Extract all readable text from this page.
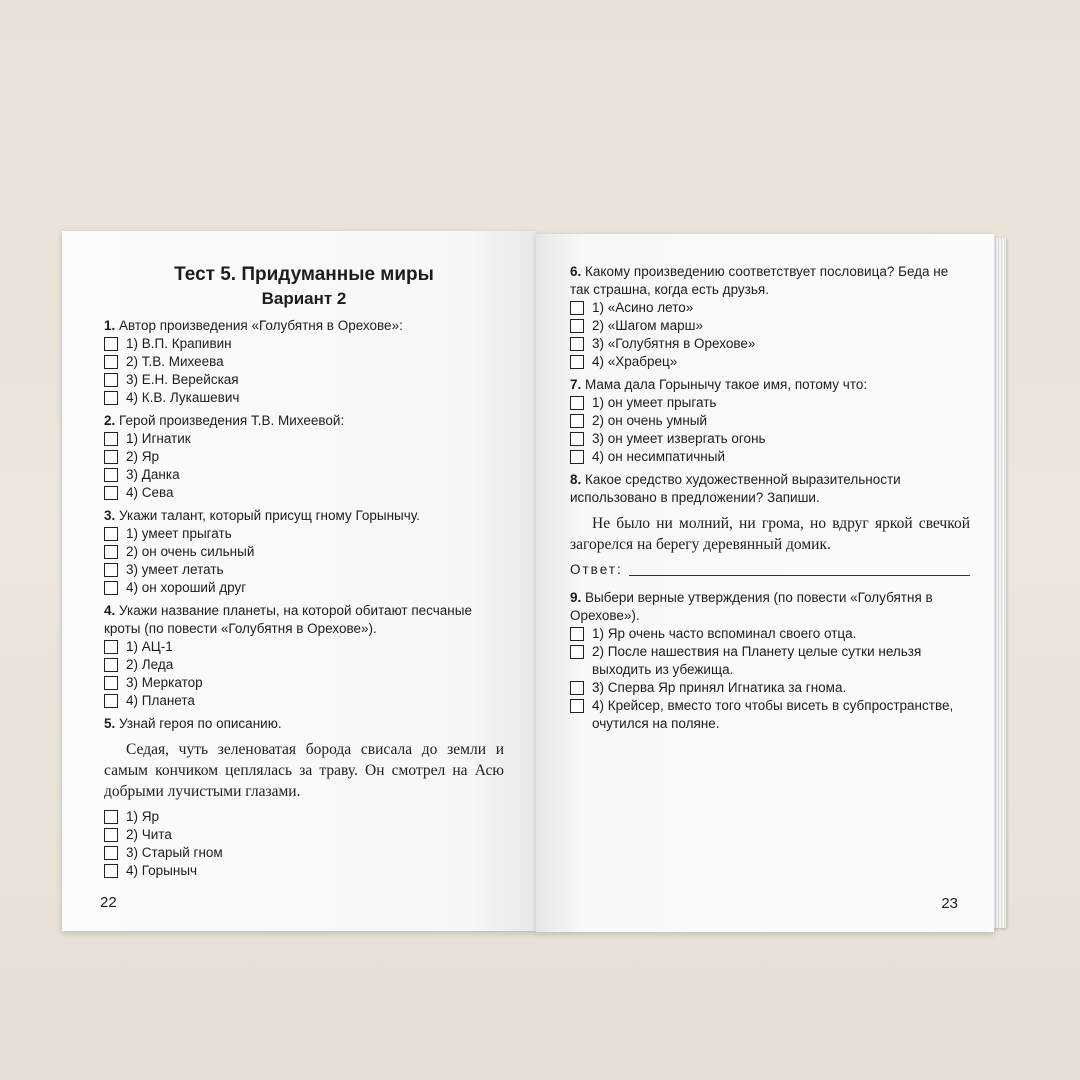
Тест 5. Придуманные миры
Вариант 2
1. Автор произведения «Голубятня в Орехове»:
1) В.П. Крапивин
2) Т.В. Михеева
3) Е.Н. Верейская
4) К.В. Лукашевич
2. Герой произведения Т.В. Михеевой:
1) Игнатик
2) Яр
3) Данка
4) Сева
3. Укажи талант, который присущ гному Горынычу.
1) умеет прыгать
2) он очень сильный
3) умеет летать
4) он хороший друг
4. Укажи название планеты, на которой обитают песчаные кроты (по повести «Голубятня в Орехове»).
1) АЦ-1
2) Леда
3) Меркатор
4) Планета
5. Узнай героя по описанию.
Седая, чуть зеленоватая борода свисала до земли и самым кончиком цеплялась за траву. Он смотрел на Асю добрыми лучистыми глазами.
1) Яр
2) Чита
3) Старый гном
4) Горыныч
22
6. Какому произведению соответствует пословица? Беда не так страшна, когда есть друзья.
1) «Асино лето»
2) «Шагом марш»
3) «Голубятня в Орехове»
4) «Храбрец»
7. Мама дала Горынычу такое имя, потому что:
1) он умеет прыгать
2) он очень умный
3) он умеет извергать огонь
4) он несимпатичный
8. Какое средство художественной выразительности использовано в предложении? Запиши.
Не было ни молний, ни грома, но вдруг яркой свечкой загорелся на берегу деревянный домик.
Ответ:
9. Выбери верные утверждения (по повести «Голубятня в Орехове»).
1) Яр очень часто вспоминал своего отца.
2) После нашествия на Планету целые сутки нельзя выходить из убежища.
3) Сперва Яр принял Игнатика за гнома.
4) Крейсер, вместо того чтобы висеть в субпространстве, очутился на поляне.
23
